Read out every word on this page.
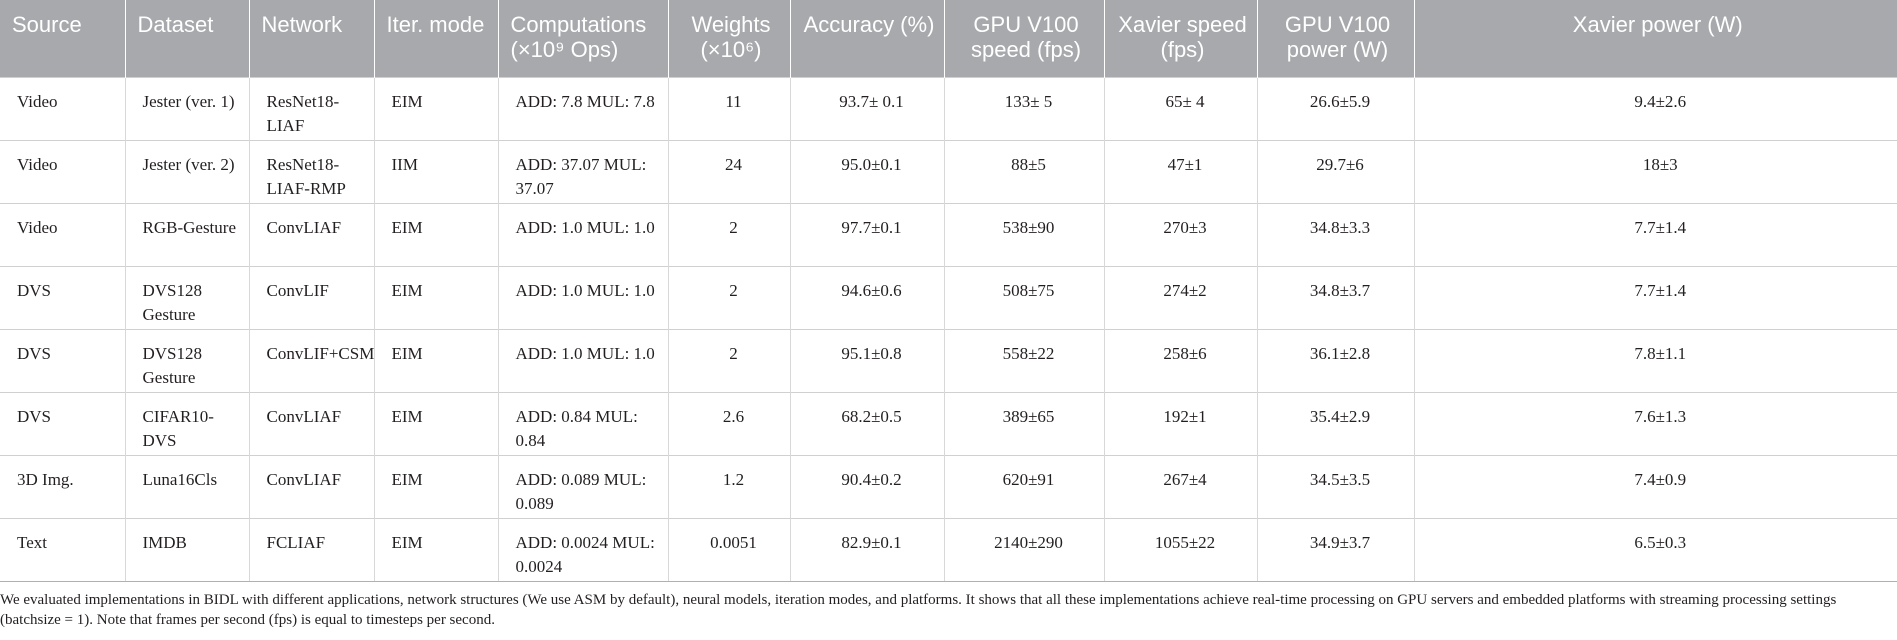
Source	Dataset	Network	Iter. mode	Computations (×10⁹ Ops)	Weights (×10⁶)	Accuracy (%)	GPU V100 speed (fps)	Xavier speed (fps)	GPU V100 power (W)	Xavier power (W)
Video	Jester (ver. 1)	ResNet18-LIAF	EIM	ADD: 7.8 MUL: 7.8	11	93.7± 0.1	133± 5	65± 4	26.6±5.9	9.4±2.6
Video	Jester (ver. 2)	ResNet18-LIAF-RMP	IIM	ADD: 37.07 MUL: 37.07	24	95.0±0.1	88±5	47±1	29.7±6	18±3
Video	RGB-Gesture	ConvLIAF	EIM	ADD: 1.0 MUL: 1.0	2	97.7±0.1	538±90	270±3	34.8±3.3	7.7±1.4
DVS	DVS128 Gesture	ConvLIF	EIM	ADD: 1.0 MUL: 1.0	2	94.6±0.6	508±75	274±2	34.8±3.7	7.7±1.4
DVS	DVS128 Gesture	ConvLIF+CSM	EIM	ADD: 1.0 MUL: 1.0	2	95.1±0.8	558±22	258±6	36.1±2.8	7.8±1.1
DVS	CIFAR10-DVS	ConvLIAF	EIM	ADD: 0.84 MUL: 0.84	2.6	68.2±0.5	389±65	192±1	35.4±2.9	7.6±1.3
3D Img.	Luna16Cls	ConvLIAF	EIM	ADD: 0.089 MUL: 0.089	1.2	90.4±0.2	620±91	267±4	34.5±3.5	7.4±0.9
Text	IMDB	FCLIAF	EIM	ADD: 0.0024 MUL: 0.0024	0.0051	82.9±0.1	2140±290	1055±22	34.9±3.7	6.5±0.3

We evaluated implementations in BIDL with different applications, network structures (We use ASM by default), neural models, iteration modes, and platforms. It shows that all these implementations achieve real-time processing on GPU servers and embedded platforms with streaming processing settings (batchsize = 1). Note that frames per second (fps) is equal to timesteps per second.
